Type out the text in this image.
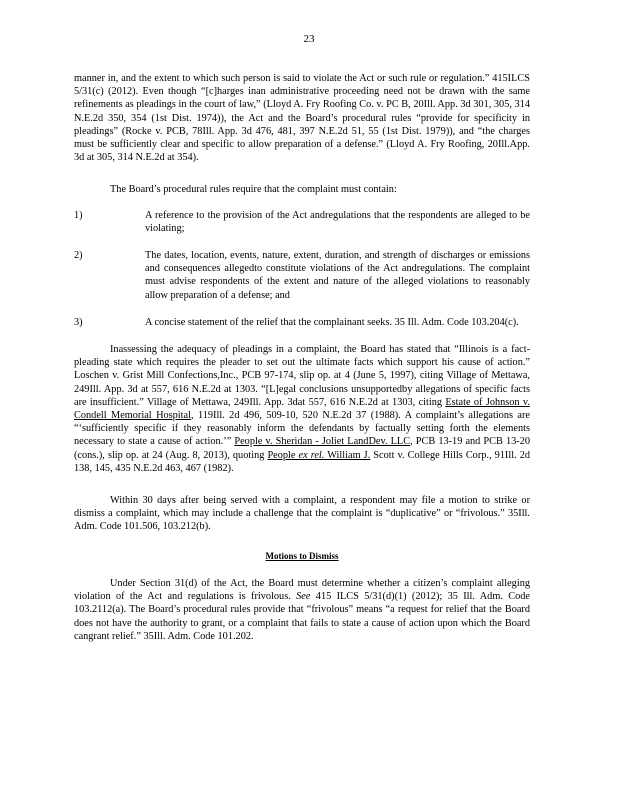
23

manner in, and the extent to which such person is said to violate the Act or such rule or regulation.” 415ILCS 5/31(c) (2012). Even though “[c]harges inan administrative proceeding need not be drawn with the same refinements as pleadings in the court of law,” (Lloyd A. Fry Roofing Co. v. PC B, 20Ill. App. 3d 301, 305, 314 N.E.2d 350, 354 (1st Dist. 1974)), the Act and the Board’s procedural rules “provide for specificity in pleadings” (Rocke v. PCB, 78Ill. App. 3d 476, 481, 397 N.E.2d 51, 55 (1st Dist. 1979)), and “the charges must be sufficiently clear and specific to allow preparation of a defense.” (Lloyd A. Fry Roofing, 20Ill.App. 3d at 305, 314 N.E.2d at 354).

The Board’s procedural rules require that the complaint must contain:

1)	A reference to the provision of the Act andregulations that the respondents are alleged to be violating;
2)	The dates, location, events, nature, extent, duration, and strength of discharges or emissions and consequences allegedto constitute violations of the Act andregulations. The complaint must advise respondents of the extent and nature of the alleged violations to reasonably allow preparation of a defense; and
3)	A concise statement of the relief that the complainant seeks. 35 Ill. Adm. Code 103.204(c).

Inassessing the adequacy of pleadings in a complaint, the Board has stated that “Illinois is a fact-pleading state which requires the pleader to set out the ultimate facts which support his cause of action.” Loschen v. Grist Mill Confections,Inc., PCB 97-174, slip op. at 4 (June 5, 1997), citing Village of Mettawa, 249Ill. App. 3d at 557, 616 N.E.2d at 1303. “[L]egal conclusions unsupportedby allegations of specific facts are insufficient.” Village of Mettawa, 249Ill. App. 3dat 557, 616 N.E.2d at 1303, citing Estate of Johnson v. Condell Memorial Hospital, 119Ill. 2d 496, 509-10, 520 N.E.2d 37 (1988). A complaint’s allegations are “‘sufficiently specific if they reasonably inform the defendants by factually setting forth the elements necessary to state a cause of action.’” People v. Sheridan - Joliet LandDev. LLC, PCB 13-19 and PCB 13-20 (cons.), slip op. at 24 (Aug. 8, 2013), quoting People ex rel. William J. Scott v. College Hills Corp., 91Ill. 2d 138, 145, 435 N.E.2d 463, 467 (1982).

Within 30 days after being served with a complaint, a respondent may file a motion to strike or dismiss a complaint, which may include a challenge that the complaint is “duplicative” or “frivolous.” 35Ill. Adm. Code 101.506, 103.212(b).

Motions to Dismiss

Under Section 31(d) of the Act, the Board must determine whether a citizen’s complaint alleging violation of the Act and regulations is frivolous. See 415 ILCS 5/31(d)(1) (2012); 35 Ill. Adm. Code 103.2112(a). The Board’s procedural rules provide that “frivolous” means “a request for relief that the Board does not have the authority to grant, or a complaint that fails to state a cause of action upon which the Board cangrant relief.” 35Ill. Adm. Code 101.202.
